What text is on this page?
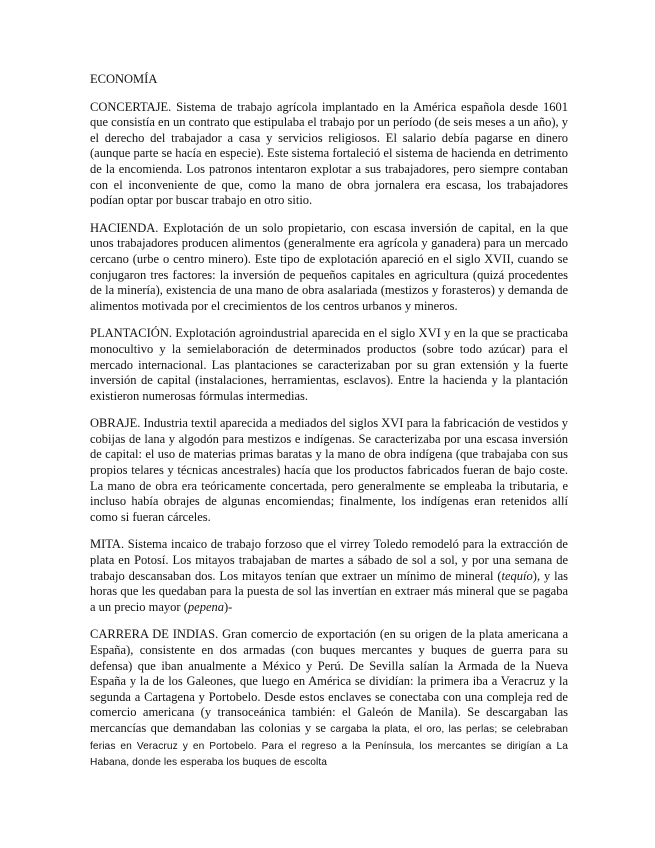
ECONOMÍA

CONCERTAJE. Sistema de trabajo agrícola implantado en la América española desde 1601 que consistía en un contrato que estipulaba el trabajo por un período (de seis meses a un año), y el derecho del trabajador a casa y servicios religiosos. El salario debía pagarse en dinero (aunque parte se hacía en especie). Este sistema fortaleció el sistema de hacienda en detrimento de la encomienda. Los patronos intentaron explotar a sus trabajadores, pero siempre contaban con el inconveniente de que, como la mano de obra jornalera era escasa, los trabajadores podían optar por buscar trabajo en otro sitio.

HACIENDA. Explotación de un solo propietario, con escasa inversión de capital, en la que unos trabajadores producen alimentos (generalmente era agrícola y ganadera) para un mercado cercano (urbe o centro minero). Este tipo de explotación apareció en el siglo XVII, cuando se conjugaron tres factores: la inversión de pequeños capitales en agricultura (quizá procedentes de la minería), existencia de una mano de obra asalariada (mestizos y forasteros) y demanda de alimentos motivada por el crecimientos de los centros urbanos y mineros.

PLANTACIÓN. Explotación agroindustrial aparecida en el siglo XVI y en la que se practicaba monocultivo y la semielaboración de determinados productos (sobre todo azúcar) para el mercado internacional. Las plantaciones se caracterizaban por su gran extensión y la fuerte inversión de capital (instalaciones, herramientas, esclavos). Entre la hacienda y la plantación existieron numerosas fórmulas intermedias.

OBRAJE. Industria textil aparecida a mediados del siglos XVI para la fabricación de vestidos y cobijas de lana y algodón para mestizos e indígenas. Se caracterizaba por una escasa inversión de capital: el uso de materias primas baratas y la mano de obra indígena (que trabajaba con sus propios telares y técnicas ancestrales) hacía que los productos fabricados fueran de bajo coste. La mano de obra era teóricamente concertada, pero generalmente se empleaba la tributaria, e incluso había obrajes de algunas encomiendas; finalmente, los indígenas eran retenidos allí como si fueran cárceles.

MITA. Sistema incaico de trabajo forzoso que el virrey Toledo remodeló para la extracción de plata en Potosí. Los mitayos trabajaban de martes a sábado de sol a sol, y por una semana de trabajo descansaban dos. Los mitayos tenían que extraer un mínimo de mineral (tequío), y las horas que les quedaban para la puesta de sol las invertían en extraer más mineral que se pagaba a un precio mayor (pepena)-

CARRERA DE INDIAS. Gran comercio de exportación (en su origen de la plata americana a España), consistente en dos armadas (con buques mercantes y buques de guerra para su defensa) que iban anualmente a México y Perú. De Sevilla salían la Armada de la Nueva España y la de los Galeones, que luego en América se dividían: la primera iba a Veracruz y la segunda a Cartagena y Portobelo. Desde estos enclaves se conectaba con una compleja red de comercio americana (y transoceánica también: el Galeón de Manila). Se descargaban las mercancías que demandaban las colonias y se cargaba la plata, el oro, las perlas; se celebraban ferias en Veracruz y en Portobelo. Para el regreso a la Península, los mercantes se dirigían a La Habana, donde les esperaba los buques de escolta
